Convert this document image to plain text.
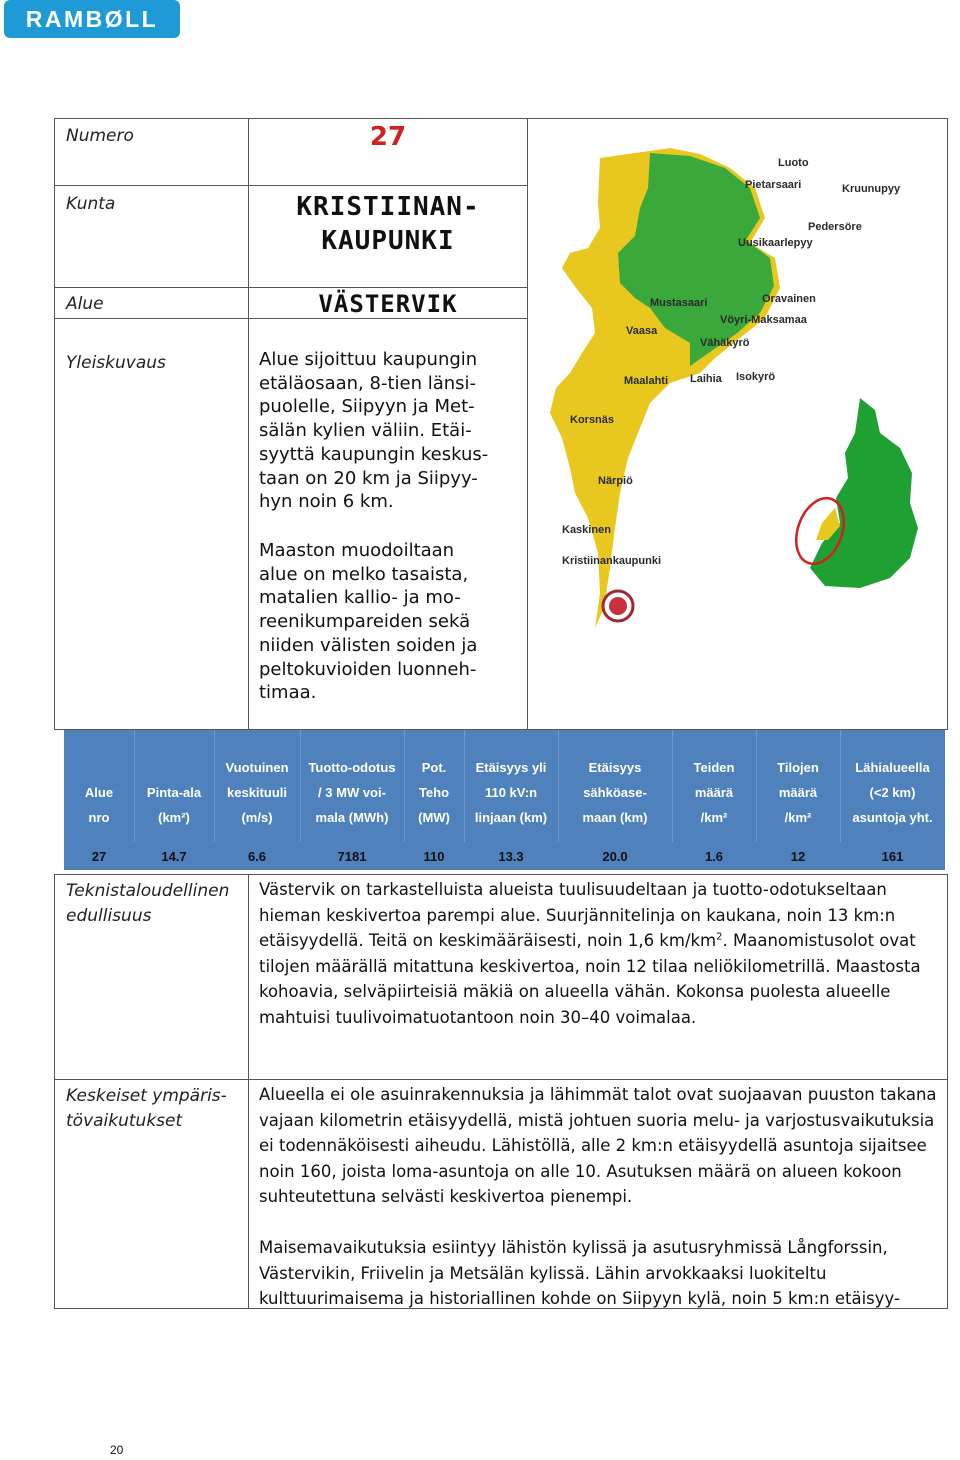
RAMBØLL
Numero
Kunta
Alue
Yleiskuvaus
27
KRISTIINAN-
KAUPUNKI
VÄSTERVIK
Alue sijoittuu kaupungin
etäläosaan, 8-tien länsi-
puolelle, Siipyyn ja Met-
sälän kylien väliin. Etäi-
syyttä kaupungin keskus-
taan on 20 km ja Siipyy-
hyn noin 6 km.
Maaston muodoiltaan
alue on melko tasaista,
matalien kallio- ja mo-
reenikumpareiden sekä
niiden välisten soiden ja
peltokuvioiden luonneh-
timaa.
Luoto
Pietarsaari	Kruunupyy
Pedersöre
Uusikaarlepyy
Mustasaari	Oravainen
Vaasa
Vöyri-Maksamaa
Vähäkyrö
Maalahti Laihia Isokyrö
Korsnäs
Närpiö
Kaskinen
Kristiinankaupunki
Alue
nro
27
Pinta-ala
(km²)
14.7
Vuotuinen
keskituuli
(m/s)
6.6
Tuotto-odotus
/ 3 MW voi-
mala (MWh)
7181
Pot.
Teho
(MW)
110
Etäisyys yli
110 kV:n
linjaan (km)
13.3
Etäisyys
sähköase-
maan (km)
20.0
Teiden
määrä
/km²
1.6
Tilojen
määrä
/km²
12
Lähialueella
(<2 km)
asuntoja yht.
161
Teknistaloudellinen edullisuus
Keskeiset ympäris-
tövaikutukset
Västervik on tarkastelluista alueista tuulisuudeltaan ja tuotto-odotukseltaan hieman keskivertoa parempi alue. Suurjännitelinja on kaukana, noin 13 km:n etäisyydellä. Teitä on keskimääräisesti, noin 1,6 $km/km^2$. Maanomistusolot ovat tilojen määrällä mitattuna keskivertoa, noin 12 tilaa neliökilometrillä. Maastosta kohoavia, selväpiirteisiä mäkiä on alueella vähän. Kokonsa puolesta alueelle mahtuisi tuulivoimatuotantoon noin 30–40 voimalaa.
Alueella ei ole asuinrakennuksia ja lähimmät talot ovat suojaavan puuston takana vajaan kilometrin etäisyydellä, mistä johtuen suoria melu- ja varjostusvaikutuksia ei todennäköisesti aiheudu. Lähistöllä, alle 2 km:n etäisyydellä asuntoja sijaitsee noin 160, joista loma-asuntoja on alle 10. Asutuksen määrä on alueen kokoon suhteutettuna selvästi keskivertoa pienempi.
Maisemavaikutuksia esiintyy lähistön kylissä ja asutusryhmissä Långforssin, Västervikin, Friivelin ja Metsälän kylissä. Lähin arvokkaaksi luokiteltu kulttuurimaisema ja historiallinen kohde on Siipyyn kylä, noin 5 km:n etäisyy-
20
